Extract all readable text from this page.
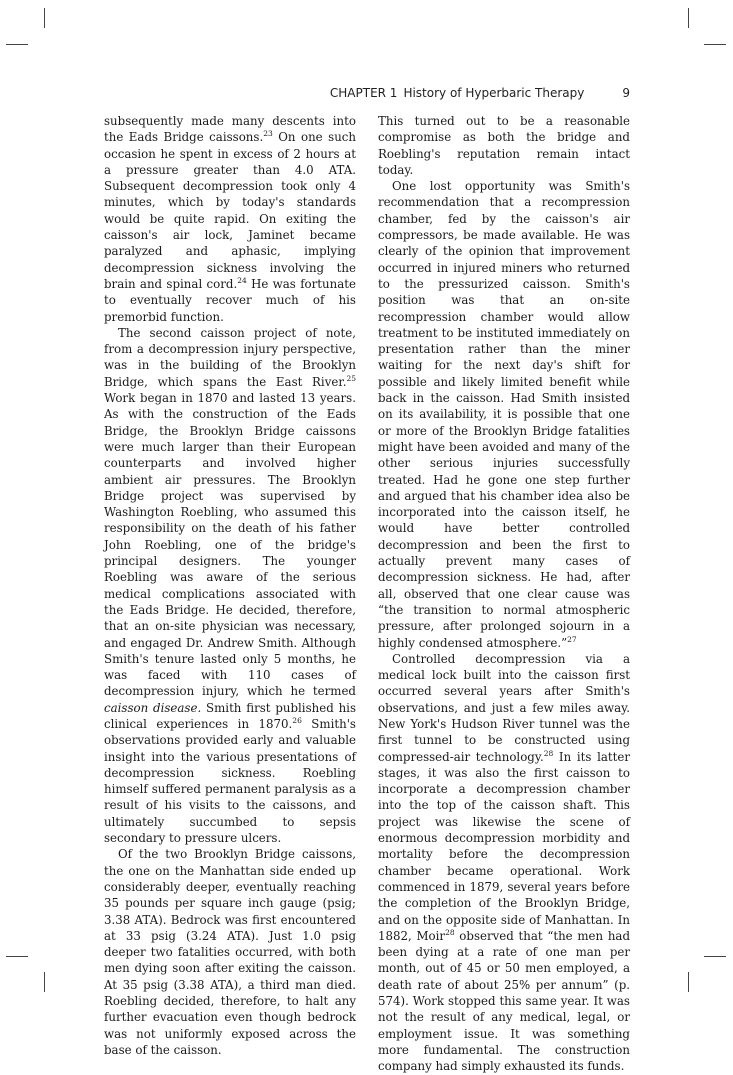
CHAPTER 1 History of Hyperbaric Therapy	9

subsequently made many descents into the Eads Bridge caissons.$^{23}$ On one such occasion he spent in excess of 2 hours at a pressure greater than 4.0 ATA. Subsequent decompression took only 4 minutes, which by today's standards would be quite rapid. On exiting the caisson's air lock, Jaminet became paralyzed and aphasic, implying decompression sickness involving the brain and spinal cord.$^{24}$ He was fortunate to eventually recover much of his premorbid function.

The second caisson project of note, from a decompression injury perspective, was in the building of the Brooklyn Bridge, which spans the East River.$^{25}$ Work began in 1870 and lasted 13 years. As with the construction of the Eads Bridge, the Brooklyn Bridge caissons were much larger than their European counterparts and involved higher ambient air pressures. The Brooklyn Bridge project was supervised by Washington Roebling, who assumed this responsibility on the death of his father John Roebling, one of the bridge's principal designers. The younger Roebling was aware of the serious medical complications associated with the Eads Bridge. He decided, therefore, that an on-site physician was necessary, and engaged Dr. Andrew Smith. Although Smith's tenure lasted only 5 months, he was faced with 110 cases of decompression injury, which he termed caisson disease. Smith first published his clinical experiences in 1870.26 Smith's observations provided early and valuable insight into the various presentations of decompression sickness. Roebling himself suffered permanent paralysis as a result of his visits to the caissons, and ultimately succumbed to sepsis secondary to pressure ulcers.

Of the two Brooklyn Bridge caissons, the one on the Manhattan side ended up considerably deeper, eventually reaching 35 pounds per square inch gauge (psig; 3.38 ATA). Bedrock was first encountered at 33 psig (3.24 ATA). Just 1.0 psig deeper two fatalities occurred, with both men dying soon after exiting the caisson. At 35 psig (3.38 ATA), a third man died. Roebling decided, therefore, to halt any further evacuation even though bedrock was not uniformly exposed across the base of the caisson.

This turned out to be a reasonable compromise as both the bridge and Roebling's reputation remain intact today.

One lost opportunity was Smith's recommendation that a recompression chamber, fed by the caisson's air compressors, be made available. He was clearly of the opinion that improvement occurred in injured miners who returned to the pressurized caisson. Smith's position was that an on-site recompression chamber would allow treatment to be instituted immediately on presentation rather than the miner waiting for the next day's shift for possible and likely limited benefit while back in the caisson. Had Smith insisted on its availability, it is possible that one or more of the Brooklyn Bridge fatalities might have been avoided and many of the other serious injuries successfully treated. Had he gone one step further and argued that his chamber idea also be incorporated into the caisson itself, he would have better controlled decompression and been the first to actually prevent many cases of decompression sickness. He had, after all, observed that one clear cause was “the transition to normal atmospheric pressure, after prolonged sojourn in a highly condensed atmosphere.”$^{27}$

Controlled decompression via a medical lock built into the caisson first occurred several years after Smith's observations, and just a few miles away. New York's Hudson River tunnel was the first tunnel to be constructed using compressed-air technology.$^{28}$ In its latter stages, it was also the first caisson to incorporate a decompression chamber into the top of the caisson shaft. This project was likewise the scene of enormous decompression morbidity and mortality before the decompression chamber became operational. Work commenced in 1879, several years before the completion of the Brooklyn Bridge, and on the opposite side of Manhattan. In 1882, Moir$^{28}$ observed that “the men had been dying at a rate of one man per month, out of 45 or 50 men employed, a death rate of about 25% per annum” (p. 574). Work stopped this same year. It was not the result of any medical, legal, or employment issue. It was something more fundamental. The construction company had simply exhausted its funds.
